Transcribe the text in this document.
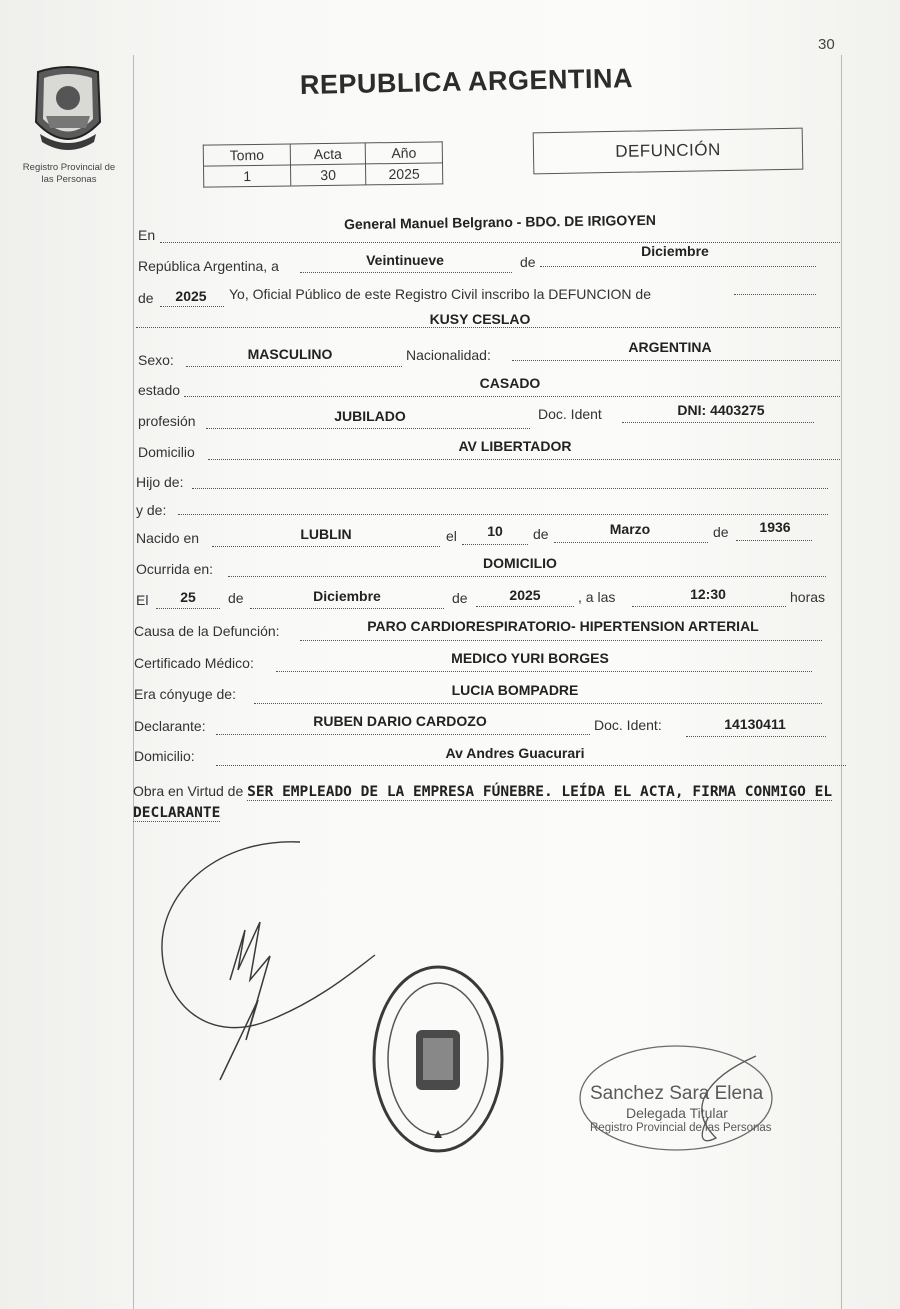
30
Registro Provincial de
las Personas
REPUBLICA ARGENTINA
Tomo	Acta	Año
1	30	2025
DEFUNCIÓN
En
General Manuel Belgrano - BDO. DE IRIGOYEN
República Argentina, a	Veintinueve	de
Diciembre
de	2025	Yo, Oficial Público de este Registro Civil inscribo la DEFUNCION de
KUSY CESLAO
Sexo:	MASCULINO	Nacionalidad:	ARGENTINA
estado	CASADO
profesión	JUBILADO	Doc. Ident	DNI: 4403275
Domicilio	AV LIBERTADOR
Hijo de:
y de:
Nacido en	LUBLIN	el	10	de	Marzo	de	1936
Ocurrida en:	DOMICILIO
El	25	de	Diciembre	de	2025	, a las	12:30	horas
Causa de la Defunción:	PARO CARDIORESPIRATORIO- HIPERTENSION ARTERIAL
Certificado Médico:	MEDICO YURI BORGES
Era cónyuge de:	LUCIA BOMPADRE
Declarante:	RUBEN DARIO CARDOZO	Doc. Ident:	14130411
Domicilio:	Av Andres Guacurari
Obra en Virtud de SER EMPLEADO DE LA EMPRESA FÚNEBRE. LEÍDA EL ACTA, FIRMA CONMIGO EL DECLARANTE
Sanchez Sara Elena
Delegada Titular
Registro Provincial de las Personas
